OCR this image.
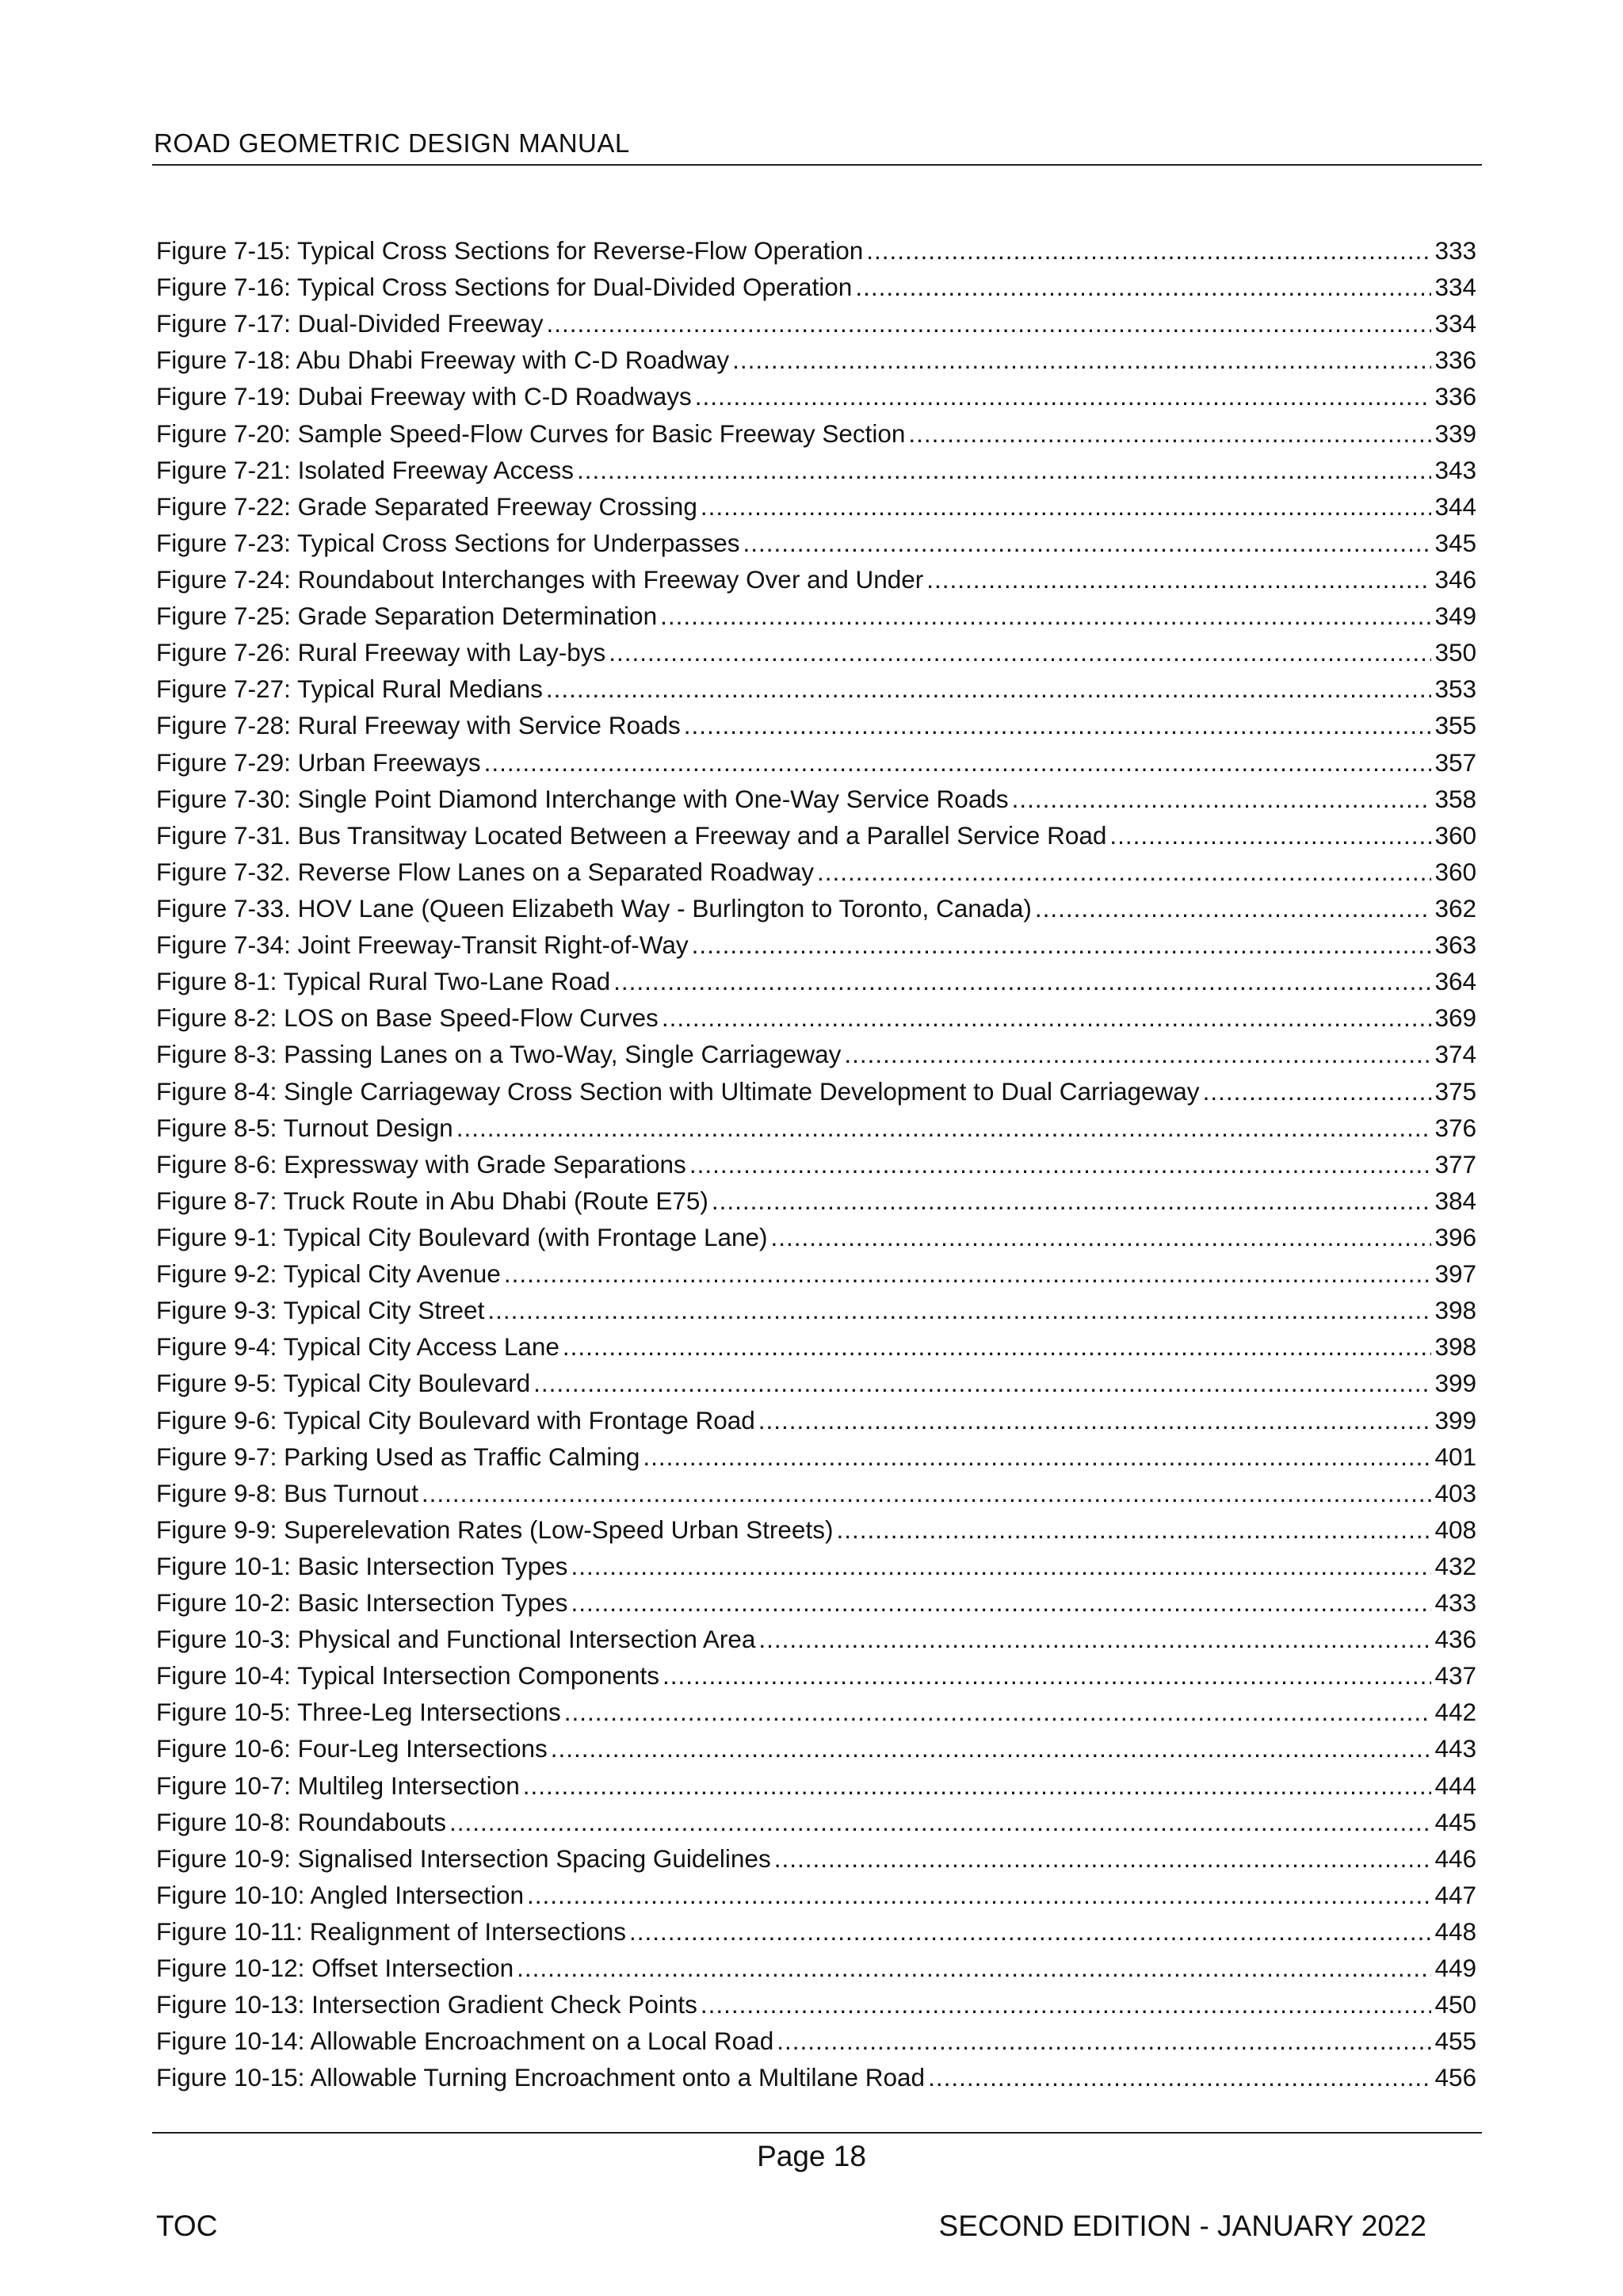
ROAD GEOMETRIC DESIGN MANUAL
Figure 7-15: Typical Cross Sections for Reverse-Flow Operation .....	333
Figure 7-16: Typical Cross Sections for Dual-Divided Operation .....	334
Figure 7-17: Dual-Divided Freeway .....	334
Figure 7-18: Abu Dhabi Freeway with C-D Roadway .....	336
Figure 7-19: Dubai Freeway with C-D Roadways .....	336
Figure 7-20: Sample Speed-Flow Curves for Basic Freeway Section .....	339
Figure 7-21: Isolated Freeway Access .....	343
Figure 7-22: Grade Separated Freeway Crossing .....	344
Figure 7-23: Typical Cross Sections for Underpasses .....	345
Figure 7-24: Roundabout Interchanges with Freeway Over and Under .....	346
Figure 7-25: Grade Separation Determination .....	349
Figure 7-26: Rural Freeway with Lay-bys .....	350
Figure 7-27: Typical Rural Medians .....	353
Figure 7-28: Rural Freeway with Service Roads .....	355
Figure 7-29: Urban Freeways .....	357
Figure 7-30: Single Point Diamond Interchange with One-Way Service Roads .....	358
Figure 7-31. Bus Transitway Located Between a Freeway and a Parallel Service Road .....	360
Figure 7-32. Reverse Flow Lanes on a Separated Roadway .....	360
Figure 7-33. HOV Lane (Queen Elizabeth Way - Burlington to Toronto, Canada) .....	362
Figure 7-34: Joint Freeway-Transit Right-of-Way .....	363
Figure 8-1: Typical Rural Two-Lane Road .....	364
Figure 8-2: LOS on Base Speed-Flow Curves .....	369
Figure 8-3: Passing Lanes on a Two-Way, Single Carriageway .....	374
Figure 8-4: Single Carriageway Cross Section with Ultimate Development to Dual Carriageway .....	375
Figure 8-5: Turnout Design .....	376
Figure 8-6: Expressway with Grade Separations .....	377
Figure 8-7: Truck Route in Abu Dhabi (Route E75) .....	384
Figure 9-1: Typical City Boulevard (with Frontage Lane) .....	396
Figure 9-2: Typical City Avenue .....	397
Figure 9-3: Typical City Street .....	398
Figure 9-4: Typical City Access Lane .....	398
Figure 9-5: Typical City Boulevard .....	399
Figure 9-6: Typical City Boulevard with Frontage Road .....	399
Figure 9-7: Parking Used as Traffic Calming .....	401
Figure 9-8: Bus Turnout .....	403
Figure 9-9: Superelevation Rates (Low-Speed Urban Streets) .....	408
Figure 10-1: Basic Intersection Types .....	432
Figure 10-2: Basic Intersection Types .....	433
Figure 10-3: Physical and Functional Intersection Area .....	436
Figure 10-4: Typical Intersection Components .....	437
Figure 10-5: Three-Leg Intersections .....	442
Figure 10-6: Four-Leg Intersections .....	443
Figure 10-7: Multileg Intersection .....	444
Figure 10-8: Roundabouts .....	445
Figure 10-9: Signalised Intersection Spacing Guidelines .....	446
Figure 10-10: Angled Intersection .....	447
Figure 10-11: Realignment of Intersections .....	448
Figure 10-12: Offset Intersection .....	449
Figure 10-13: Intersection Gradient Check Points .....	450
Figure 10-14: Allowable Encroachment on a Local Road .....	455
Figure 10-15: Allowable Turning Encroachment onto a Multilane Road .....	456
Page 18
TOC	SECOND EDITION - JANUARY 2022
